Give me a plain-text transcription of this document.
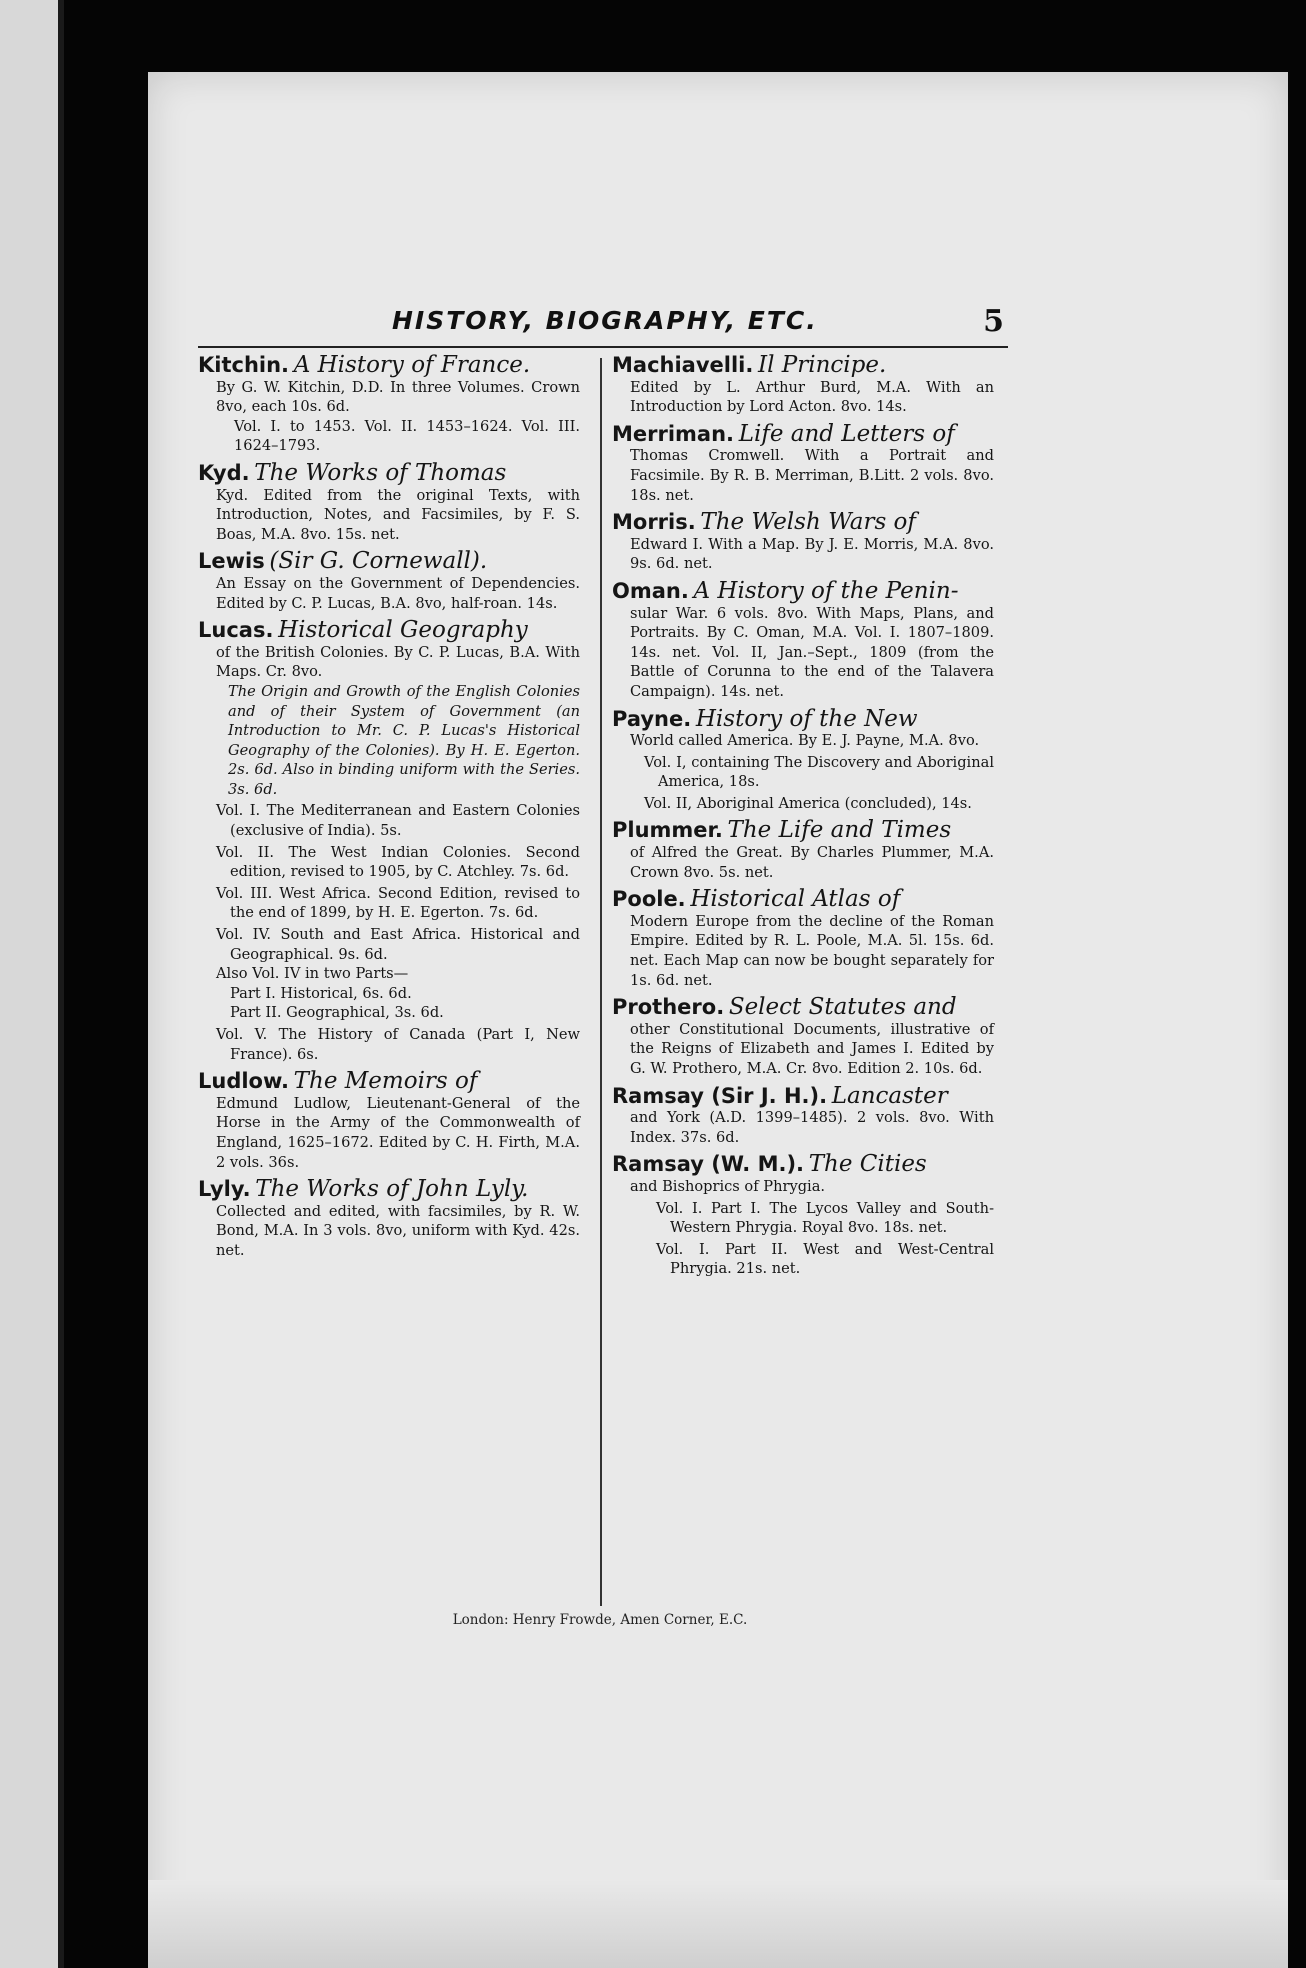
HISTORY, BIOGRAPHY, ETC.	5

Kitchin. A History of France.

By G. W. Kitchin, D.D. In three Volumes. Crown 8vo, each 10s. 6d.

Vol. I. to 1453. Vol. II. 1453–1624. Vol. III. 1624–1793.

Kyd. The Works of Thomas

Kyd. Edited from the original Texts, with Introduction, Notes, and Facsimiles, by F. S. Boas, M.A. 8vo. 15s. net.

Lewis (Sir G. Cornewall).

An Essay on the Government of Dependencies. Edited by C. P. Lucas, B.A. 8vo, half-roan. 14s.

Lucas. Historical Geography

of the British Colonies. By C. P. Lucas, B.A. With Maps. Cr. 8vo.

The Origin and Growth of the English Colonies and of their System of Government (an Introduction to Mr. C. P. Lucas's Historical Geography of the Colonies). By H. E. Egerton. 2s. 6d. Also in binding uniform with the Series. 3s. 6d.

Vol. I. The Mediterranean and Eastern Colonies (exclusive of India). 5s.

Vol. II. The West Indian Colonies. Second edition, revised to 1905, by C. Atchley. 7s. 6d.

Vol. III. West Africa. Second Edition, revised to the end of 1899, by H. E. Egerton. 7s. 6d.

Vol. IV. South and East Africa. Historical and Geographical. 9s. 6d.

Also Vol. IV in two Parts—

Part I. Historical, 6s. 6d.

Part II. Geographical, 3s. 6d.

Vol. V. The History of Canada (Part I, New France). 6s.

Ludlow. The Memoirs of

Edmund Ludlow, Lieutenant-General of the Horse in the Army of the Commonwealth of England, 1625–1672. Edited by C. H. Firth, M.A. 2 vols. 36s.

Lyly. The Works of John Lyly.

Collected and edited, with facsimiles, by R. W. Bond, M.A. In 3 vols. 8vo, uniform with Kyd. 42s. net.

Machiavelli. Il Principe.

Edited by L. Arthur Burd, M.A. With an Introduction by Lord Acton. 8vo. 14s.

Merriman. Life and Letters of

Thomas Cromwell. With a Portrait and Facsimile. By R. B. Merriman, B.Litt. 2 vols. 8vo. 18s. net.

Morris. The Welsh Wars of

Edward I. With a Map. By J. E. Morris, M.A. 8vo. 9s. 6d. net.

Oman. A History of the Penin-

sular War. 6 vols. 8vo. With Maps, Plans, and Portraits. By C. Oman, M.A. Vol. I. 1807–1809. 14s. net. Vol. II, Jan.–Sept., 1809 (from the Battle of Corunna to the end of the Talavera Campaign). 14s. net.

Payne. History of the New

World called America. By E. J. Payne, M.A. 8vo.

Vol. I, containing The Discovery and Aboriginal America, 18s.

Vol. II, Aboriginal America (concluded), 14s.

Plummer. The Life and Times

of Alfred the Great. By Charles Plummer, M.A. Crown 8vo. 5s. net.

Poole. Historical Atlas of

Modern Europe from the decline of the Roman Empire. Edited by R. L. Poole, M.A. 5l. 15s. 6d. net. Each Map can now be bought separately for 1s. 6d. net.

Prothero. Select Statutes and

other Constitutional Documents, illustrative of the Reigns of Elizabeth and James I. Edited by G. W. Prothero, M.A. Cr. 8vo. Edition 2. 10s. 6d.

Ramsay (Sir J. H.). Lancaster

and York (A.D. 1399–1485). 2 vols. 8vo. With Index. 37s. 6d.

Ramsay (W. M.). The Cities

and Bishoprics of Phrygia.

Vol. I. Part I. The Lycos Valley and South-Western Phrygia. Royal 8vo. 18s. net.

Vol. I. Part II. West and West-Central Phrygia. 21s. net.

London: Henry Frowde, Amen Corner, E.C.
